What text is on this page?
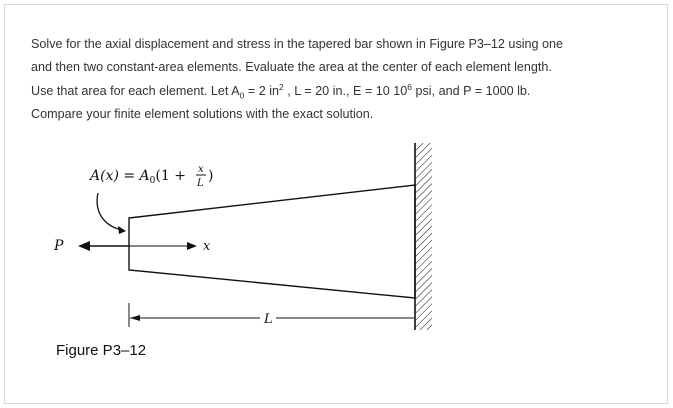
Solve for the axial displacement and stress in the tapered bar shown in Figure P3–12 using one

and then two constant-area elements. Evaluate the area at the center of each element length.

Use that area for each element. Let $A_0 = 2$ $in^2$ , L = 20 in., E = 10 $10^6$ psi, and P = 1000 lb.

Compare your finite element solutions with the exact solution.

$A(x) = A_0(1 + x$
L )
P	x
L
Figure P3–12
